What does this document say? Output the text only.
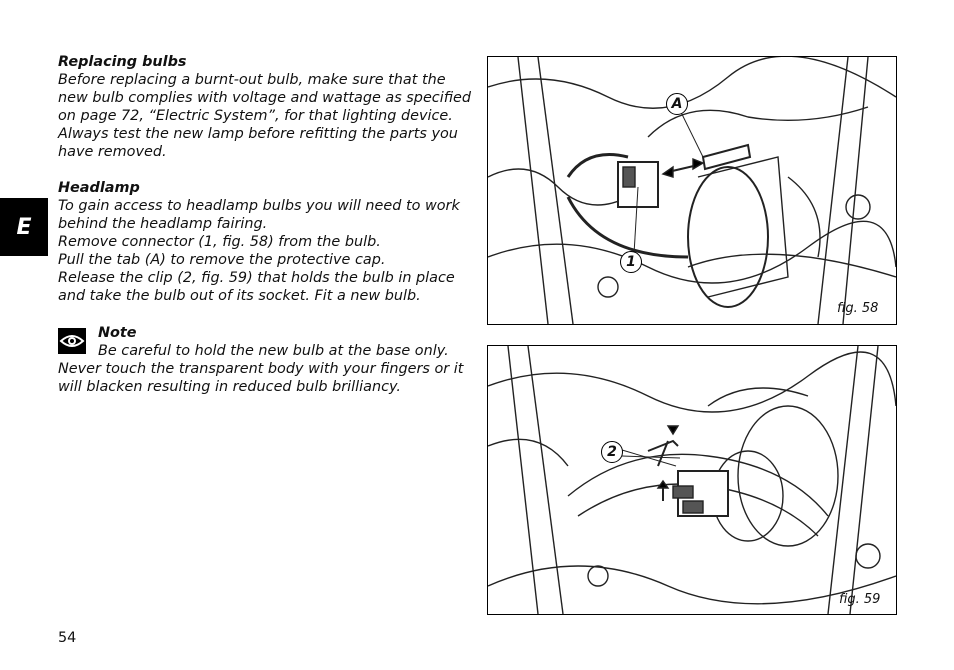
E

Replacing bulbs

Before replacing a burnt-out bulb, make sure that the

new bulb complies with voltage and wattage as specified

on page 72, “Electric System”, for that lighting device.

Always test the new lamp before refitting the parts you

have removed.

Headlamp

To gain access to headlamp bulbs you will need to work

behind the headlamp fairing.

Remove connector (1, fig. 58) from the bulb.

Pull the tab (A) to remove the protective cap.

Release the clip (2, fig. 59) that holds the bulb in place

and take the bulb out of its socket. Fit a new bulb.

Note

Be careful to hold the new bulb at the base only.

Never touch the transparent body with your fingers or it

will blacken resulting in reduced bulb brilliancy.

A
1
fig. 58
2
fig. 59
54
